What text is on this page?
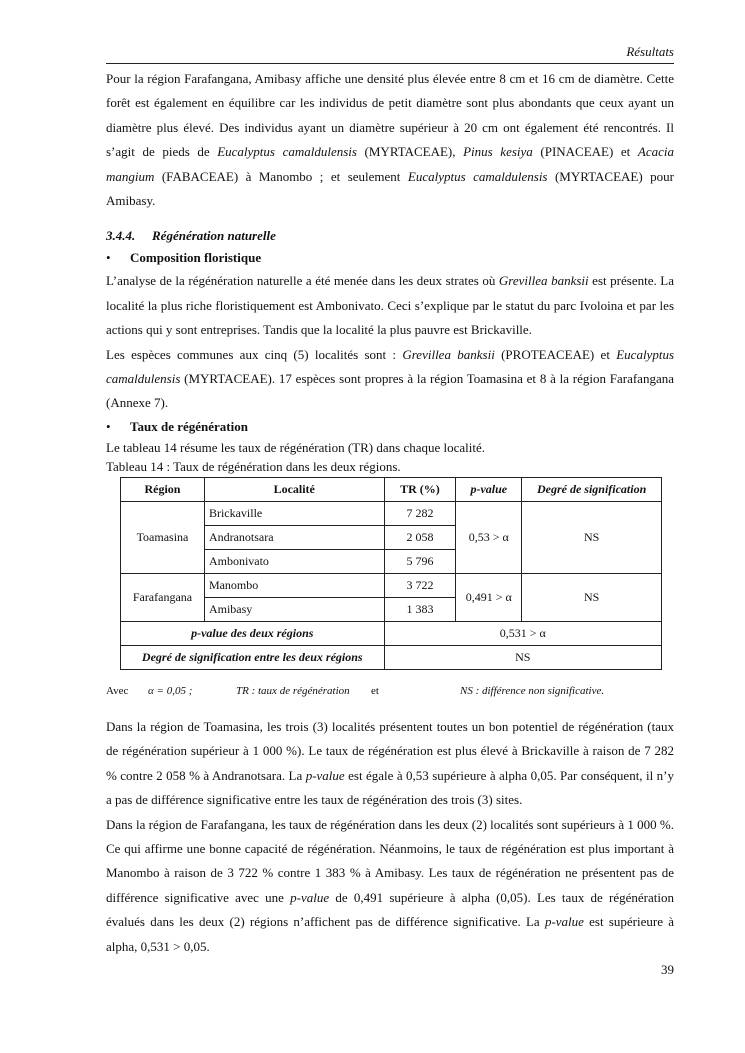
Résultats

Pour la région Farafangana, Amibasy affiche une densité plus élevée entre 8 cm et 16 cm de diamètre. Cette forêt est également en équilibre car les individus de petit diamètre sont plus abondants que ceux ayant un diamètre plus élevé. Des individus ayant un diamètre supérieur à 20 cm ont également été rencontrés. Il s’agit de pieds de Eucalyptus camaldulensis (MYRTACEAE), Pinus kesiya (PINACEAE) et Acacia mangium (FABACEAE) à Manombo ; et seulement Eucalyptus camaldulensis (MYRTACEAE) pour Amibasy.

3.4.4. Régénération naturelle
• Composition floristique

L’analyse de la régénération naturelle a été menée dans les deux strates où Grevillea banksii est présente. La localité la plus riche floristiquement est Ambonivato. Ceci s’explique par le statut du parc Ivoloina et par les actions qui y sont entreprises. Tandis que la localité la plus pauvre est Brickaville.

Les espèces communes aux cinq (5) localités sont : Grevillea banksii (PROTEACEAE) et Eucalyptus camaldulensis (MYRTACEAE). 17 espèces sont propres à la région Toamasina et 8 à la région Farafangana (Annexe 7).

• Taux de régénération

Le tableau 14 résume les taux de régénération (TR) dans chaque localité.

Tableau 14 : Taux de régénération dans les deux régions.

Région	Localité	TR (%)	p-value	Degré de signification
Toamasina	Brickaville	7 282	0,53 > α	NS
	Andranotsara	2 058		
	Ambonivato	5 796		
Farafangana	Manombo	3 722	0,491 > α	NS
	Amibasy	1 383		
p-value des deux régions		0,531 > α		
Degré de signification entre les deux régions		NS		
Avec α = 0,05 ;	TR : taux de régénération et	NS : différence non significative.

Dans la région de Toamasina, les trois (3) localités présentent toutes un bon potentiel de régénération (taux de régénération supérieur à 1 000 %). Le taux de régénération est plus élevé à Brickaville à raison de 7 282 % contre 2 058 % à Andranotsara. La p-value est égale à 0,53 supérieure à alpha 0,05. Par conséquent, il n’y a pas de différence significative entre les taux de régénération des trois (3) sites.

Dans la région de Farafangana, les taux de régénération dans les deux (2) localités sont supérieurs à 1 000 %. Ce qui affirme une bonne capacité de régénération. Néanmoins, le taux de régénération est plus important à Manombo à raison de 3 722 % contre 1 383 % à Amibasy. Les taux de régénération ne présentent pas de différence significative avec une p-value de 0,491 supérieure à alpha (0,05). Les taux de régénération évalués dans les deux (2) régions n’affichent pas de différence significative. La p-value est supérieure à alpha, 0,531 > 0,05.

39
